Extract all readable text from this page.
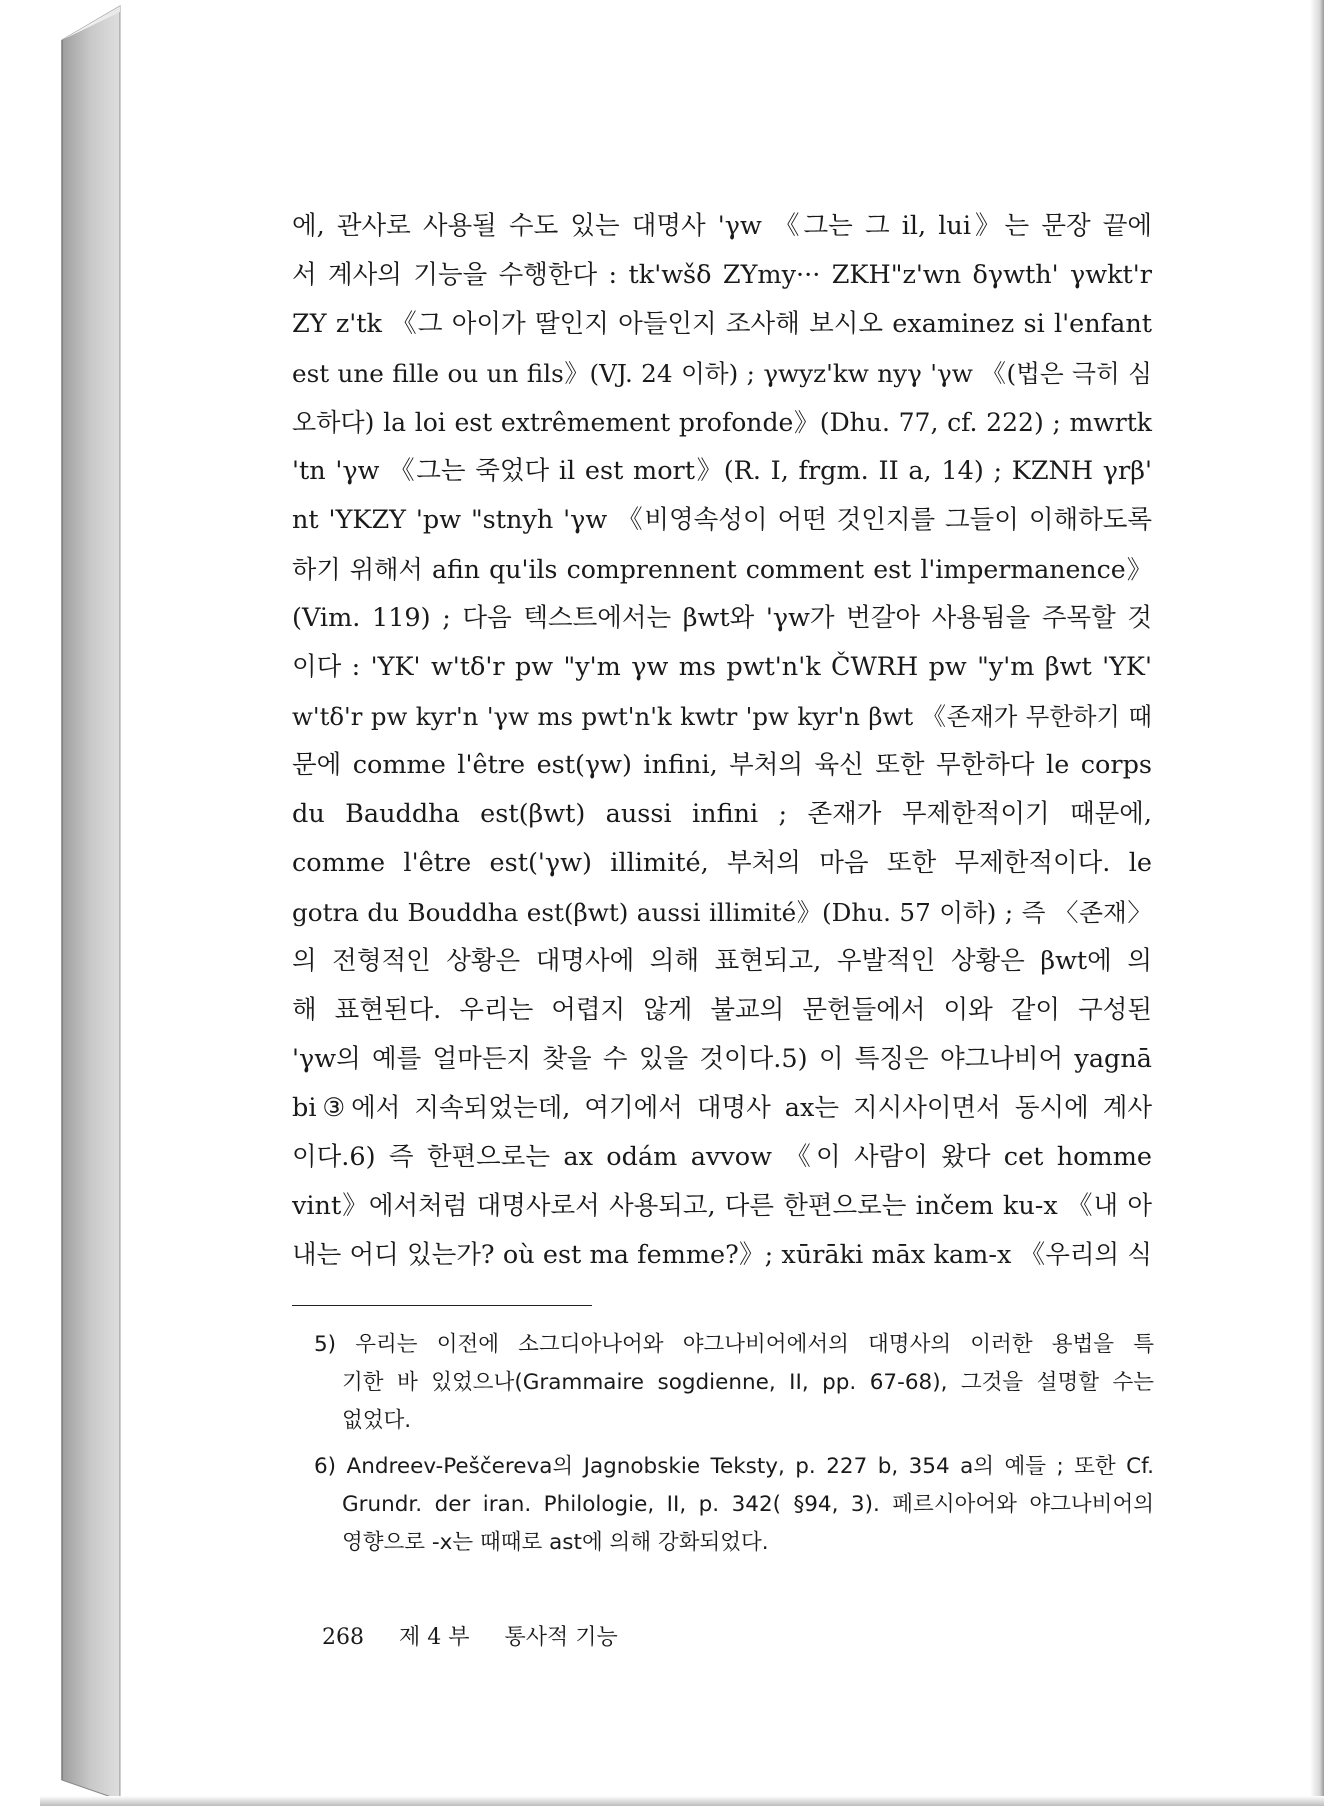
에, 관사로 사용될 수도 있는 대명사 'γw 《그는 그 il, lui》는 문장 끝에
서 계사의 기능을 수행한다 : tk'wšδ ZYmy··· ZKH"z'wn δγwth' γwkt'r
ZY z'tk 《그 아이가 딸인지 아들인지 조사해 보시오 examinez si l'enfant
est une fille ou un fils》(VJ. 24 이하) ; γwyz'kw nyγ 'γw 《(법은 극히 심
오하다) la loi est extrêmement profonde》(Dhu. 77, cf. 222) ; mwrtk
'tn 'γw 《그는 죽었다 il est mort》(R. I, frgm. II a, 14) ; KZNH γrβ'
nt 'YKZY 'pw "stnyh 'γw 《비영속성이 어떤 것인지를 그들이 이해하도록
하기 위해서 afin qu'ils comprennent comment est l'impermanence》
(Vim. 119) ; 다음 텍스트에서는 βwt와 'γw가 번갈아 사용됨을 주목할 것
이다 : 'YK' w'tδ'r pw "y'm γw ms pwt'n'k ČWRH pw "y'm βwt 'YK'
w'tδ'r pw kyr'n 'γw ms pwt'n'k kwtr 'pw kyr'n βwt 《존재가 무한하기 때
문에 comme l'être est(γw) infini, 부처의 육신 또한 무한하다 le corps
du Bauddha est(βwt) aussi infini ; 존재가 무제한적이기 때문에,
comme l'être est('γw) illimité, 부처의 마음 또한 무제한적이다. le
gotra du Bouddha est(βwt) aussi illimité》(Dhu. 57 이하) ; 즉 〈존재〉
의 전형적인 상황은 대명사에 의해 표현되고, 우발적인 상황은 βwt에 의
해 표현된다. 우리는 어렵지 않게 불교의 문헌들에서 이와 같이 구성된
'γw의 예를 얼마든지 찾을 수 있을 것이다.5) 이 특징은 야그나비어 yagnā
bi③에서 지속되었는데, 여기에서 대명사 ax는 지시사이면서 동시에 계사
이다.6) 즉 한편으로는 ax odám avvow 《이 사람이 왔다 cet homme
vint》에서처럼 대명사로서 사용되고, 다른 한편으로는 inčem ku-x 《내 아
내는 어디 있는가? où est ma femme?》; xūrāki māx kam-x 《우리의 식
5) 우리는 이전에 소그디아나어와 야그나비어에서의 대명사의 이러한 용법을 특
기한 바 있었으나(Grammaire sogdienne, II, pp. 67-68), 그것을 설명할 수는
없었다.
6) Andreev-Peščereva의 Jagnobskie Teksty, p. 227 b, 354 a의 예들 ; 또한 Cf.
Grundr. der iran. Philologie, II, p. 342( §94, 3). 페르시아어와 야그나비어의
영향으로 -x는 때때로 ast에 의해 강화되었다.
268 제 4 부 통사적 기능
